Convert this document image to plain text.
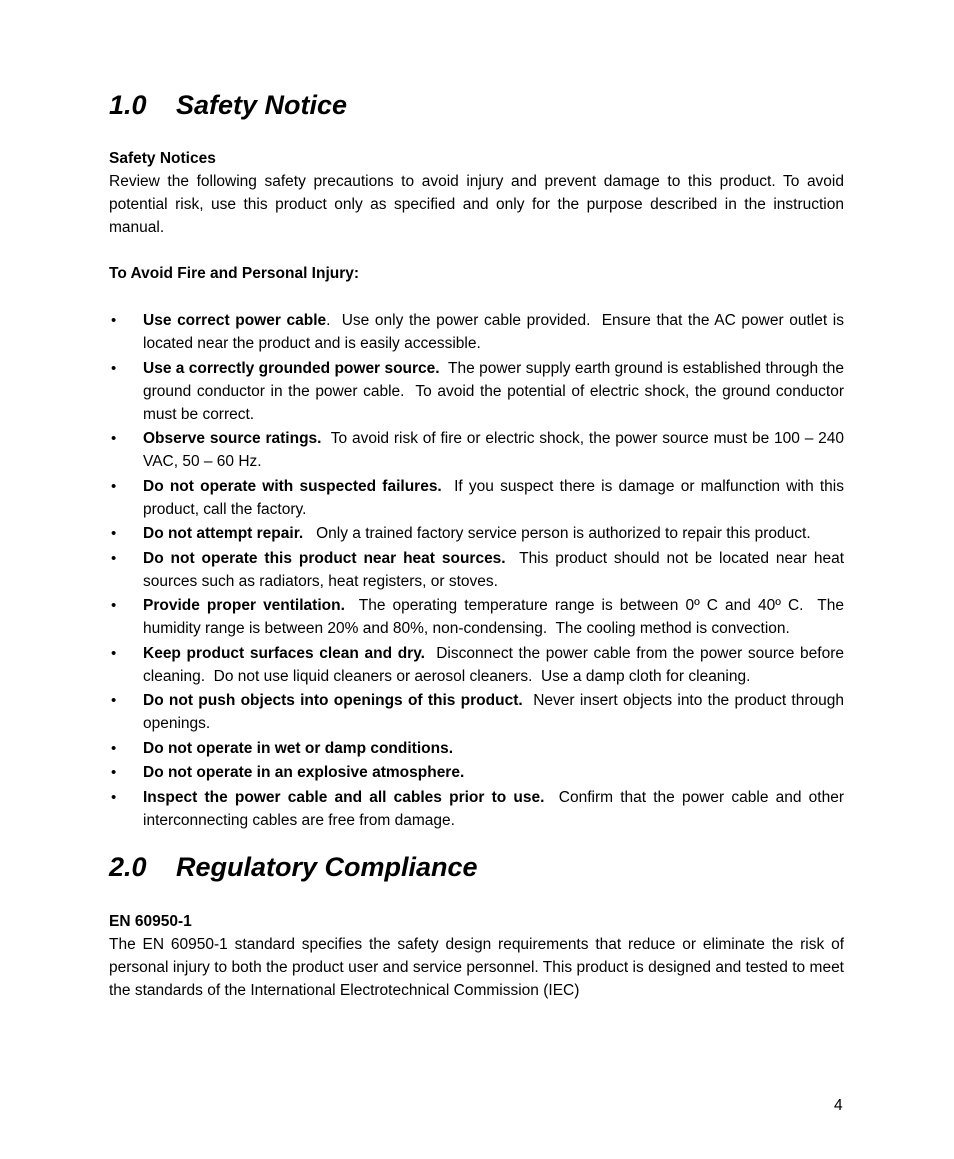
1.0	Safety Notice
Safety Notices

Review the following safety precautions to avoid injury and prevent damage to this product. To avoid potential risk, use this product only as specified and only for the purpose described in the instruction manual.

To Avoid Fire and Personal Injury:
• Use correct power cable.  Use only the power cable provided.  Ensure that the AC power outlet is located near the product and is easily accessible.
• Use a correctly grounded power source.  The power supply earth ground is established through the ground conductor in the power cable.  To avoid the potential of electric shock, the ground conductor must be correct.
• Observe source ratings.  To avoid risk of fire or electric shock, the power source must be 100 – 240 VAC, 50 – 60 Hz.
• Do not operate with suspected failures.  If you suspect there is damage or malfunction with this product, call the factory.
• Do not attempt repair.   Only a trained factory service person is authorized to repair this product.
• Do not operate this product near heat sources.  This product should not be located near heat sources such as radiators, heat registers, or stoves.
• Provide proper ventilation.  The operating temperature range is between 0º C and 40º C.  The humidity range is between 20% and 80%, non-condensing.  The cooling method is convection.
• Keep product surfaces clean and dry.  Disconnect the power cable from the power source before cleaning.  Do not use liquid cleaners or aerosol cleaners.  Use a damp cloth for cleaning.
• Do not push objects into openings of this product.  Never insert objects into the product through openings.
• Do not operate in wet or damp conditions.
• Do not operate in an explosive atmosphere.
• Inspect the power cable and all cables prior to use.  Confirm that the power cable and other interconnecting cables are free from damage.
2.0	Regulatory Compliance
EN 60950-1

The EN 60950-1 standard specifies the safety design requirements that reduce or eliminate the risk of personal injury to both the product user and service personnel. This product is designed and tested to meet the standards of the International Electrotechnical Commission (IEC)

4
